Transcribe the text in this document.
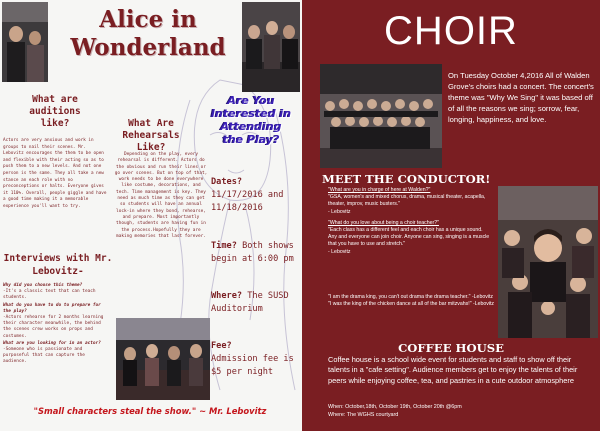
Alice in
Wonderland
What are auditions like?
Actors are very anxious and work in groups to nail their scenes. Mr. Lebovitz encourages the them to be open and flexible with their acting so as to push them to a new levels. And not one person is the same. They all take a new stance an each role with no preconceptions or halts. Everyone gives it 110%. Overall, people giggle and have a good time making it a memorable experience you'll want to try.
Interviews with Mr. Lebovitz-
Why did you choose this theme?
-It's a classic text that can teach students.
What do you have to do to prepare for the play?
-Actors rehearse for 2 months learning their character meanwhile, the behind the scenes crew works on props and costumes.
What are you looking for in an actor?
-Someone who is passionate and purposeful that can capture the audience.
What Are Rehearsals Like?
Depending on the play, every rehearsal is different. Actors do the obvious and run their lines or go over scenes. But on top of that, work needs to be done everywhere like costume, decorations, and tech. Time management is key. They need as much time as they can get so students will have an annual lock-in where they bond, rehearse, and prepare. Most importantly though, students are having fun in the process.Hopefully they are making memories that last forever.
Are You Interested in Attending the Play?
Dates?
11/17/2016 and 11/18/2016
Time? Both shows begin at 6:00 pm
Where? The SUSD Auditorium
Fee?
Admission fee is $5 per night
"Small characters steal the show." ~ Mr. Lebovitz
CHOIR
On Tuesday October 4,2016 All of Walden Grove's choirs had a concert. The concert's theme was "Why We Sing" it was based off of all the reasons we sing; sorrow, fear, longing, happiness, and love.
MEET THE CONDUCTOR!
"What are you in charge of here at Walden?"
"GSA, women's and mixed chorus, drama, musical theater, acapella, theater, improv, music busters."
- Lebovitz
"What do you love about being a choir teacher?"
"Each class has a different feel and each choir has a unique sound. Any and everyone can join choir. Anyone can sing, singing is a muscle that you have to use and stretch."
- Lebovitz
"I am the drama king, you can't out drama the drama teacher." -Lebovitz
"I was the king of the chicken dance at all of the bar mitzvahs!" -Lebovitz
COFFEE HOUSE
Coffee house is a school wide event for students and staff to show off their talents in a "cafe setting". Audience members get to enjoy the talents of their peers while enjoying coffee, tea, and pastries in a cute outdoor atmosphere
When: October,18th, October 19th, October 20th @6pm
Where: The WGHS courtyard
